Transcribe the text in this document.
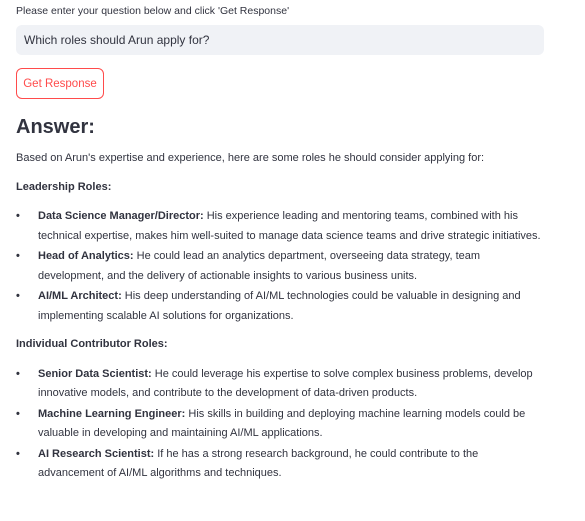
Please enter your question below and click 'Get Response'
Which roles should Arun apply for?
Get Response
Answer:
Based on Arun's expertise and experience, here are some roles he should consider applying for:
Leadership Roles:
• Data Science Manager/Director: His experience leading and mentoring teams, combined with his technical expertise, makes him well-suited to manage data science teams and drive strategic initiatives.
• Head of Analytics: He could lead an analytics department, overseeing data strategy, team development, and the delivery of actionable insights to various business units.
• AI/ML Architect: His deep understanding of AI/ML technologies could be valuable in designing and implementing scalable AI solutions for organizations.
Individual Contributor Roles:
• Senior Data Scientist: He could leverage his expertise to solve complex business problems, develop innovative models, and contribute to the development of data-driven products.
• Machine Learning Engineer: His skills in building and deploying machine learning models could be valuable in developing and maintaining AI/ML applications.
• AI Research Scientist: If he has a strong research background, he could contribute to the advancement of AI/ML algorithms and techniques.
